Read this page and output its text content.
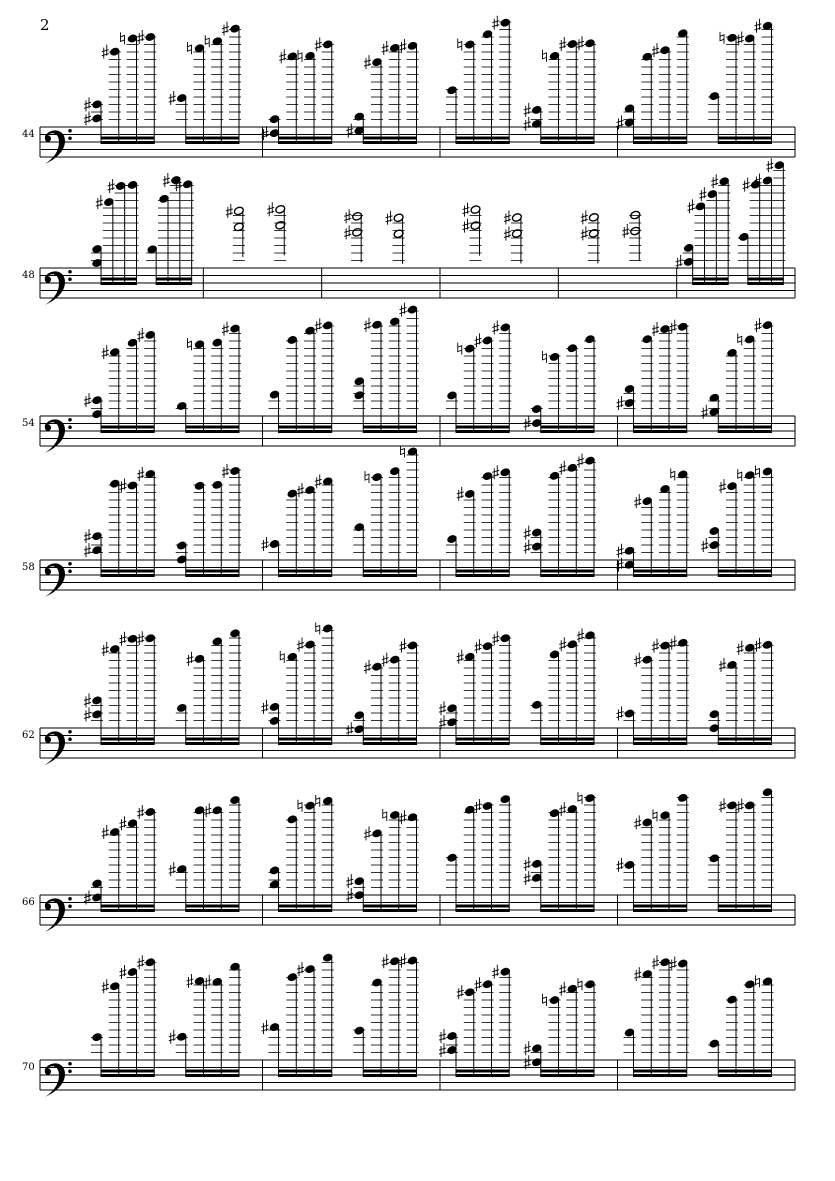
2
44
48
54
58
62
66
70
